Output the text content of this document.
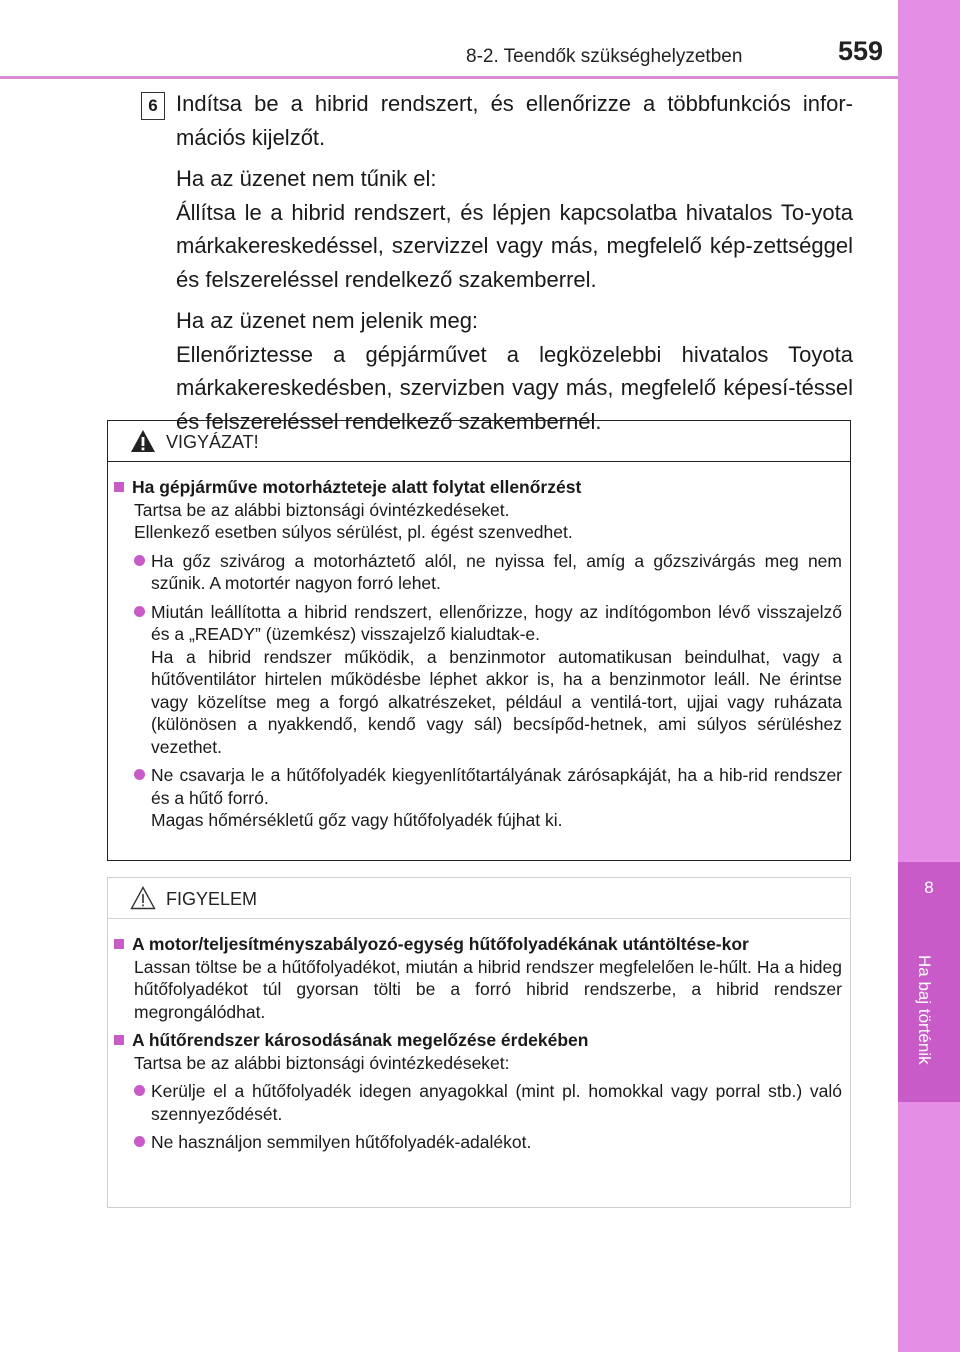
8-2. Teendők szükséghelyzetben	559
8
Ha baj történik
6 Indítsa be a hibrid rendszert, és ellenőrizze a többfunkciós infor-mációs kijelzőt.

Ha az üzenet nem tűnik el:

Állítsa le a hibrid rendszert, és lépjen kapcsolatba hivatalos To-yota márkakereskedéssel, szervizzel vagy más, megfelelő kép-zettséggel és felszereléssel rendelkező szakemberrel.

Ha az üzenet nem jelenik meg:

Ellenőriztesse a gépjárművet a legközelebbi hivatalos Toyota márkakereskedésben, szervizben vagy más, megfelelő képesí-téssel és felszereléssel rendelkező szakembernél.

VIGYÁZAT!
Ha gépjárműve motorházteteje alatt folytat ellenőrzést
Tartsa be az alábbi biztonsági óvintézkedéseket.
Ellenkező esetben súlyos sérülést, pl. égést szenvedhet.
Ha gőz szivárog a motorháztető alól, ne nyissa fel, amíg a gőzszivárgás meg nem szűnik. A motortér nagyon forró lehet.
Miután leállította a hibrid rendszert, ellenőrizze, hogy az indítógombon lévő visszajelző és a „READY” (üzemkész) visszajelző kialudtak-e.
Ha a hibrid rendszer működik, a benzinmotor automatikusan beindulhat, vagy a hűtőventilátor hirtelen működésbe léphet akkor is, ha a benzinmotor leáll. Ne érintse vagy közelítse meg a forgó alkatrészeket, például a ventilá-tort, ujjai vagy ruházata (különösen a nyakkendő, kendő vagy sál) becsípőd-hetnek, ami súlyos sérüléshez vezethet.
Ne csavarja le a hűtőfolyadék kiegyenlítőtartályának zárósapkáját, ha a hib-rid rendszer és a hűtő forró.
Magas hőmérsékletű gőz vagy hűtőfolyadék fújhat ki.
FIGYELEM
A motor/teljesítményszabályozó-egység hűtőfolyadékának utántöltése-kor
Lassan töltse be a hűtőfolyadékot, miután a hibrid rendszer megfelelően le-hűlt. Ha a hideg hűtőfolyadékot túl gyorsan tölti be a forró hibrid rendszerbe, a hibrid rendszer megrongálódhat.
A hűtőrendszer károsodásának megelőzése érdekében
Tartsa be az alábbi biztonsági óvintézkedéseket:
Kerülje el a hűtőfolyadék idegen anyagokkal (mint pl. homokkal vagy porral stb.) való szennyeződését.
Ne használjon semmilyen hűtőfolyadék-adalékot.
